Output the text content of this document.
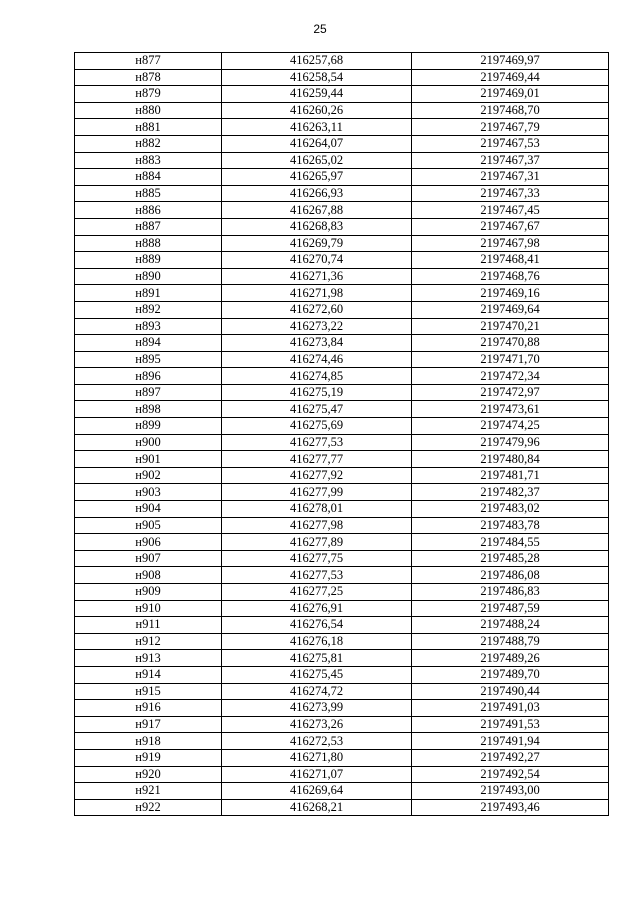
25
н877	416257,68	2197469,97
н878	416258,54	2197469,44
н879	416259,44	2197469,01
н880	416260,26	2197468,70
н881	416263,11	2197467,79
н882	416264,07	2197467,53
н883	416265,02	2197467,37
н884	416265,97	2197467,31
н885	416266,93	2197467,33
н886	416267,88	2197467,45
н887	416268,83	2197467,67
н888	416269,79	2197467,98
н889	416270,74	2197468,41
н890	416271,36	2197468,76
н891	416271,98	2197469,16
н892	416272,60	2197469,64
н893	416273,22	2197470,21
н894	416273,84	2197470,88
н895	416274,46	2197471,70
н896	416274,85	2197472,34
н897	416275,19	2197472,97
н898	416275,47	2197473,61
н899	416275,69	2197474,25
н900	416277,53	2197479,96
н901	416277,77	2197480,84
н902	416277,92	2197481,71
н903	416277,99	2197482,37
н904	416278,01	2197483,02
н905	416277,98	2197483,78
н906	416277,89	2197484,55
н907	416277,75	2197485,28
н908	416277,53	2197486,08
н909	416277,25	2197486,83
н910	416276,91	2197487,59
н911	416276,54	2197488,24
н912	416276,18	2197488,79
н913	416275,81	2197489,26
н914	416275,45	2197489,70
н915	416274,72	2197490,44
н916	416273,99	2197491,03
н917	416273,26	2197491,53
н918	416272,53	2197491,94
н919	416271,80	2197492,27
н920	416271,07	2197492,54
н921	416269,64	2197493,00
н922	416268,21	2197493,46
